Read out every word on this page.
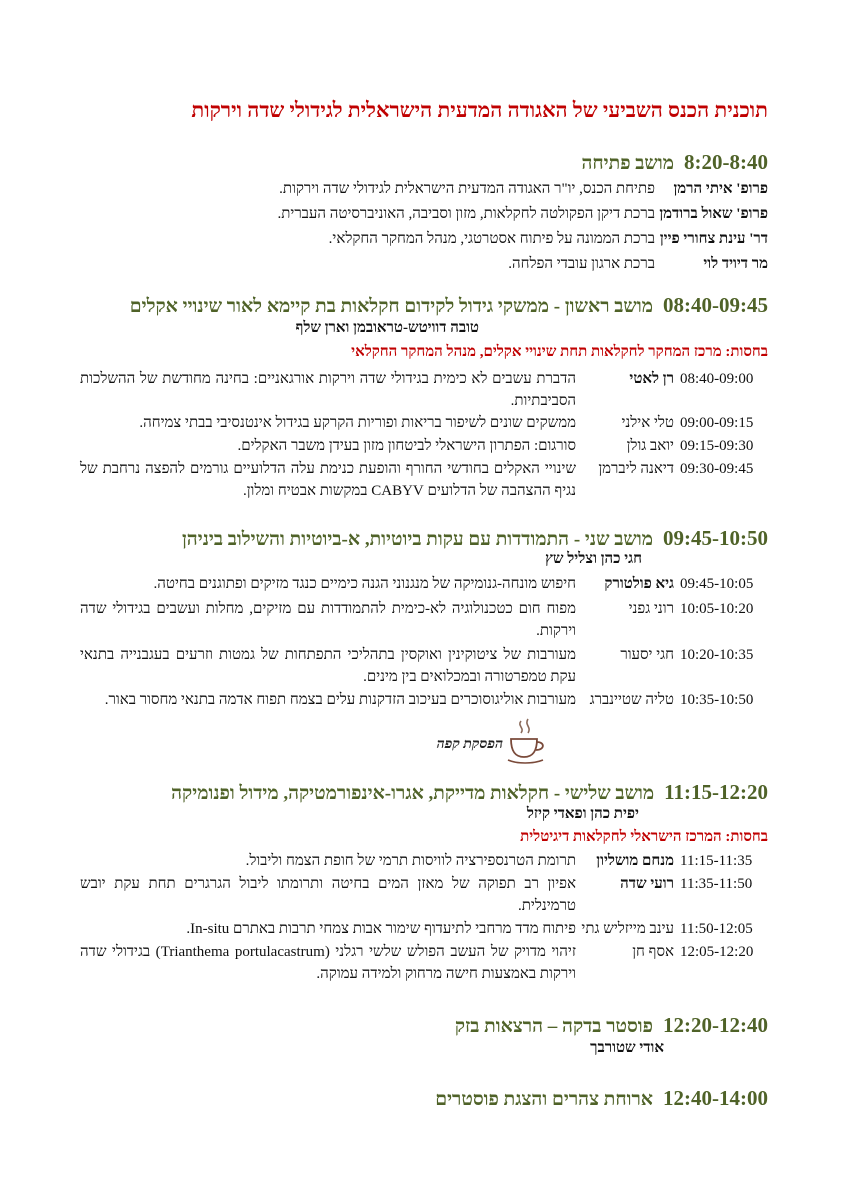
תוכנית הכנס השביעי של האגודה המדעית הישראלית לגידולי שדה וירקות
8:20-8:40
מושב פתיחה
פרופ' איתי הרמן
פתיחת הכנס, יו"ר האגודה המדעית הישראלית לגידולי שדה וירקות.
פרופ' שאול ברודמן
ברכת דיקן הפקולטה לחקלאות, מזון וסביבה, האוניברסיטה העברית.
דר' עינת צחורי פיין
ברכת הממונה על פיתוח אסטרטגי, מנהל המחקר החקלאי.
מר דיויד לוי
ברכת ארגון עובדי הפלחה.
08:40-09:45
מושב ראשון - ממשקי גידול לקידום חקלאות בת קיימא לאור שינויי אקלים
טובה דוויטש-טראובמן וארן שלף
בחסות: מרכז המחקר לחקלאות תחת שינויי אקלים, מנהל המחקר החקלאי
08:40-09:00
רן לאטי
הדברת עשבים לא כימית בגידולי שדה וירקות אורגאניים: בחינה מחודשת של ההשלכות הסביבתיות.
09:00-09:15
טלי אילני
ממשקים שונים לשיפור בריאות ופוריות הקרקע בגידול אינטנסיבי בבתי צמיחה.
09:15-09:30
יואב גולן
סורגום: הפתרון הישראלי לביטחון מזון בעידן משבר האקלים.
09:30-09:45
דיאנה ליברמן
שינויי האקלים בחודשי החורף והופעת כנימת עלה הדלועיים גורמים להפצה נרחבת של נגיף ההצהבה של הדלועים CABYV במקשות אבטיח ומלון.
09:45-10:50
מושב שני - התמודדות עם עקות ביוטיות, א-ביוטיות והשילוב ביניהן
חגי כהן וצליל שץ
09:45-10:05
גיא פולטורק
חיפוש מונחה-גנומיקה של מנגנוני הגנה כימיים כנגד מזיקים ופתוגנים בחיטה.
10:05-10:20
רוני גפני
מפוח חום כטכנולוגיה לא-כימית להתמודדות עם מזיקים, מחלות ועשבים בגידולי שדה וירקות.
10:20-10:35
חגי יסעור
מעורבות של ציטוקינין ואוקסין בתהליכי התפתחות של גמטות וזרעים בעגבנייה בתנאי עקת טמפרטורה ובמכלואים בין מינים.
10:35-10:50
טליה שטיינברג
מעורבות אוליגוסוכרים בעיכוב הזדקנות עלים בצמח תפוח אדמה בתנאי מחסור באור.
הפסקת קפה
11:15-12:20
מושב שלישי - חקלאות מדייקת, אגרו-אינפורמטיקה, מידול ופנומיקה
יפית כהן ופאדי קיזל
בחסות: המרכז הישראלי לחקלאות דיגיטלית
11:15-11:35
מנחם מושליון
תרומת הטרנספירציה לוויסות תרמי של חופת הצמח וליבול.
11:35-11:50
רועי שדה
אפיון רב תפוקה של מאזן המים בחיטה ותרומתו ליבול הגרגרים תחת עקת יובש טרמינלית.
11:50-12:05
עינב מייזליש גתי
פיתוח מדד מרחבי לתיעדוף שימור אבות צמחי תרבות באתרם In-situ.
12:05-12:20
אסף חן
זיהוי מדויק של העשב הפולש שלשי רגלני (Trianthema portulacastrum) בגידולי שדה וירקות באמצעות חישה מרחוק ולמידה עמוקה.
12:20-12:40
פוסטר בדקה – הרצאות בזק
אודי שטורבך
12:40-14:00
ארוחת צהרים והצגת פוסטרים
